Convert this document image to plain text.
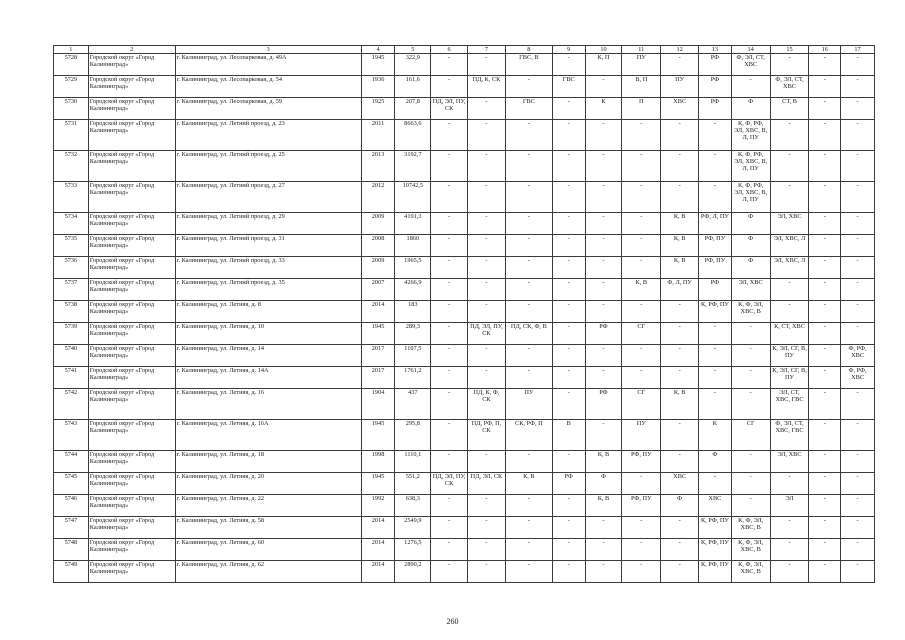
1	2	3	4	5	6	7	8	9	10	11	12	13	14	15	16	17
5728	Городской округ «Город Калининград»	г. Калининград, ул. Лесопарковая, д. 49А	1945	322,9	-	-	ГВС, В	-	К, П	ПУ	-	РФ	Ф, ЭЛ, СТ, ХВС	-	-	-
5729	Городской округ «Город Калининград»	г. Калининград, ул. Лесопарковая, д. 54	1936	161,6	-	ПД, К, СК	-	ГВС	-	В, П	ПУ	РФ	-	Ф, ЭЛ, СТ, ХВС	-	-
5730	Городской округ «Город Калининград»	г. Калининград, ул. Лесопарковая, д. 59	1925	207,8	ПД, ЭЛ, ПУ, СК	-	ГВС	-	К	П	ХВС	РФ	Ф	СТ, В	-	-
5731	Городской округ «Город Калининград»	г. Калининград, ул. Летний проезд, д. 23	2011	8663,6	-	-	-	-	-	-	-	-	К, Ф, РФ, ЭЛ, ХВС, В, Л, ПУ	-	-	-
5732	Городской округ «Город Калининград»	г. Калининград, ул. Летний проезд, д. 25	2013	3192,7	-	-	-	-	-	-	-	-	К, Ф, РФ, ЭЛ, ХВС, В, Л, ПУ	-	-	-
5733	Городской округ «Город Калининград»	г. Калининград, ул. Летний проезд, д. 27	2012	10742,5	-	-	-	-	-	-	-	-	К, Ф, РФ, ЭЛ, ХВС, В, Л, ПУ	-	-	-
5734	Городской округ «Город Калининград»	г. Калининград, ул. Летний проезд, д. 29	2009	4191,3	-	-	-	-	-	-	К, В	РФ, Л, ПУ	Ф	ЭЛ, ХВС	-	-
5735	Городской округ «Город Калининград»	г. Калининград, ул. Летний проезд, д. 31	2008	1860	-	-	-	-	-	-	К, В	РФ, ПУ	Ф	ЭЛ, ХВС, Л	-	-
5736	Городской округ «Город Калининград»	г. Калининград, ул. Летний проезд, д. 33	2009	1965,5	-	-	-	-	-	-	К, В	РФ, ПУ	Ф	ЭЛ, ХВС, Л	-	-
5737	Городской округ «Город Калининград»	г. Калининград, ул. Летний проезд, д. 35	2007	4266,9	-	-	-	-	-	К, В	Ф, Л, ПУ	РФ	ЭЛ, ХВС	-	-	-
5738	Городской округ «Город Калининград»	г. Калининград, ул. Летняя, д. 8	2014	183	-	-	-	-	-	-	-	К, РФ, ПУ	К, Ф, ЭЛ, ХВС, В	-	-	-
5739	Городской округ «Город Калининград»	г. Калининград, ул. Летняя, д. 10	1945	289,3	-	ПД, ЭЛ, ПУ, СК	ПД, СК, Ф, В	-	РФ	СГ	-	-	-	К, СТ, ХВС	-	-
5740	Городской округ «Город Калининград»	г. Калининград, ул. Летняя, д. 14	2017	1107,5	-	-	-	-	-	-	-	-	-	К, ЭЛ, СГ, В, ПУ	-	Ф, РФ, ХВС
5741	Городской округ «Город Калининград»	г. Калининград, ул. Летняя, д. 14А	2017	1761,2	-	-	-	-	-	-	-	-	-	К, ЭЛ, СГ, В, ПУ	-	Ф, РФ, ХВС
5742	Городской округ «Город Калининград»	г. Калининград, ул. Летняя, д. 16	1904	437	-	ПД, К, Ф, СК	ПУ	-	РФ	СГ	К, В	-	-	ЭЛ, СТ, ХВС, ГВС	-	-
5743	Городской округ «Город Калининград»	г. Калининград, ул. Летняя, д. 16А	1945	295,8	-	ПД, РФ, П, СК	СК, РФ, П	В	-	ПУ	-	К	СГ	Ф, ЭЛ, СТ, ХВС, ГВС	-	-
5744	Городской округ «Город Калининград»	г. Калининград, ул. Летняя, д. 18	1998	1110,1	-	-	-	-	К, В	РФ, ПУ	-	Ф	-	ЭЛ, ХВС	-	-
5745	Городской округ «Город Калининград»	г. Калининград, ул. Летняя, д. 20	1945	551,2	ПД, ЭЛ, ПУ, СК	ПД, ЭЛ, СК	К, В	РФ	Ф	-	ХВС	-	-	-	-	-
5746	Городской округ «Город Калининград»	г. Калининград, ул. Летняя, д. 22	1992	638,3	-	-	-	-	К, В	РФ, ПУ	Ф	ХВС	-	ЭЛ	-	-
5747	Городской округ «Город Калининград»	г. Калининград, ул. Летняя, д. 58	2014	2549,9	-	-	-	-	-	-	-	К, РФ, ПУ	К, Ф, ЭЛ, ХВС, В	-	-	-
5748	Городской округ «Город Калининград»	г. Калининград, ул. Летняя, д. 60	2014	1276,5	-	-	-	-	-	-	-	К, РФ, ПУ	К, Ф, ЭЛ, ХВС, В	-	-	-
5749	Городской округ «Город Калининград»	г. Калининград, ул. Летняя, д. 62	2014	2890,2	-	-	-	-	-	-	-	К, РФ, ПУ	К, Ф, ЭЛ, ХВС, В	-	-	-
260
